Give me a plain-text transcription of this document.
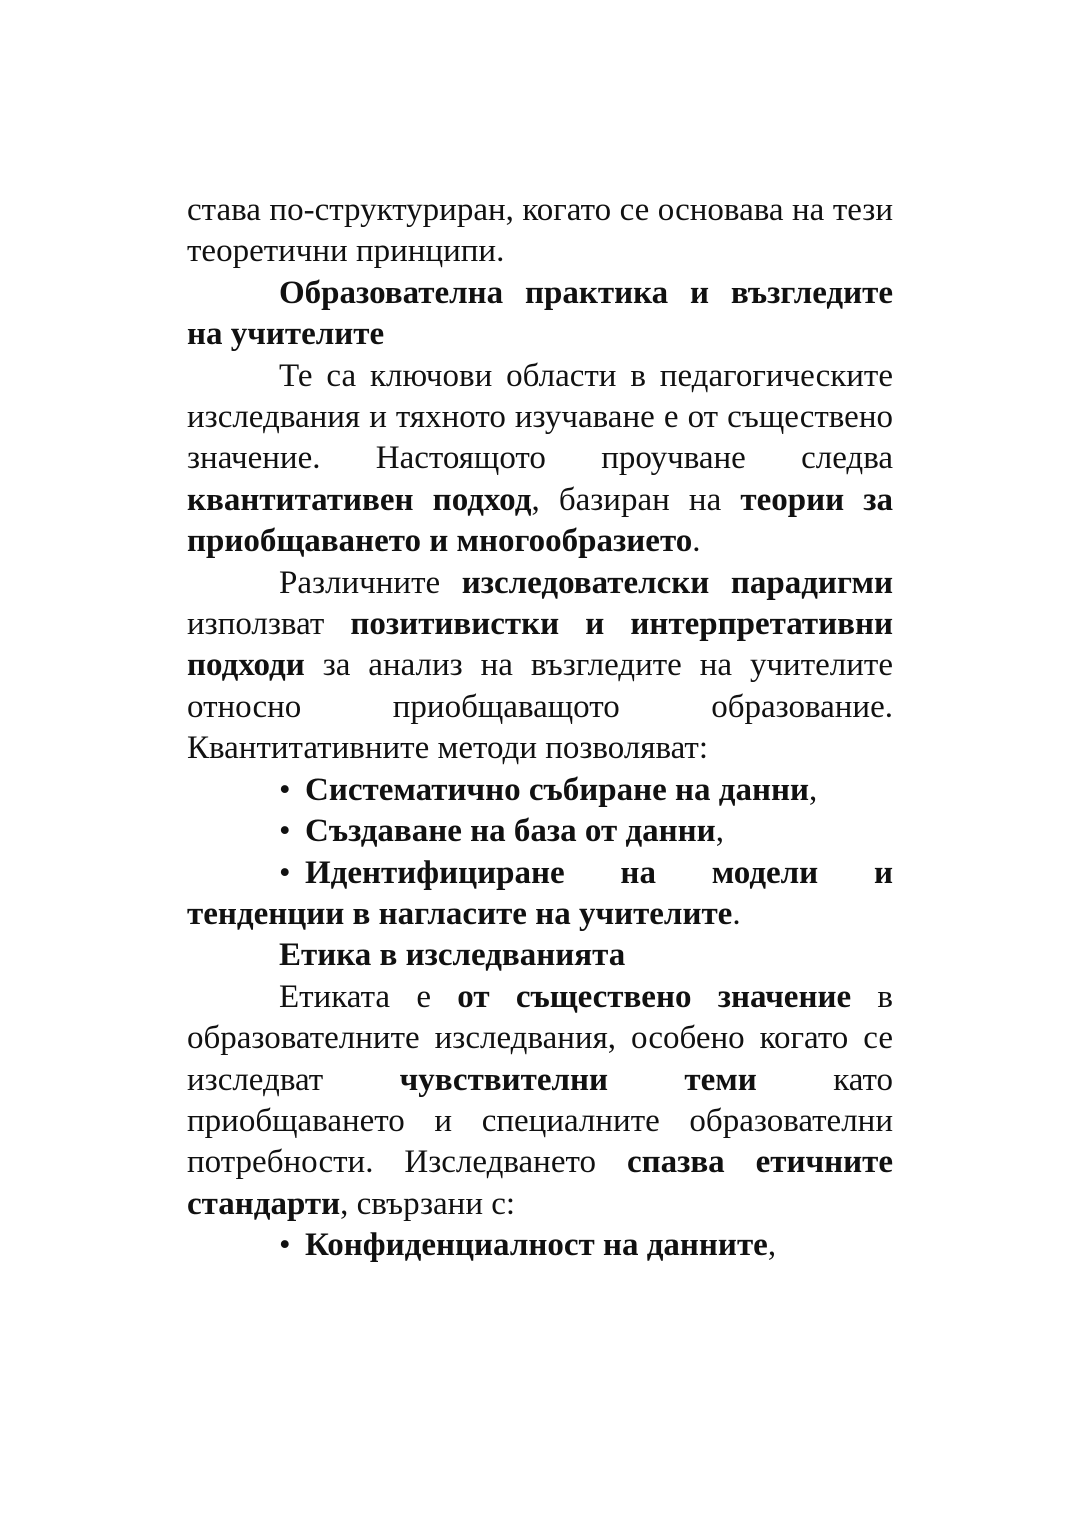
става по-структуриран, когато се основава на тези теоретични принципи.

Образователна практика и възгледите на учителите

Те са ключови области в педагогическите изследвания и тяхното изучаване е от съществено значение. Настоящото проучване следва квантитативен подход, базиран на теории за приобщаването и многообразието.

Различните изследователски парадигми използват позитивистки и интерпретативни подходи за анализ на възгледите на учителите относно приобщаващото образование. Квантитативните методи позволяват:

• Систематично събиране на данни,

• Създаване на база от данни,

• Идентифициране на модели и тенденции в нагласите на учителите.

Етика в изследванията

Етиката е от съществено значение в образователните изследвания, особено когато се изследват чувствителни теми като приобщаването и специалните образователни потребности. Изследването спазва етичните стандарти, свързани с:

• Конфиденциалност на данните,
